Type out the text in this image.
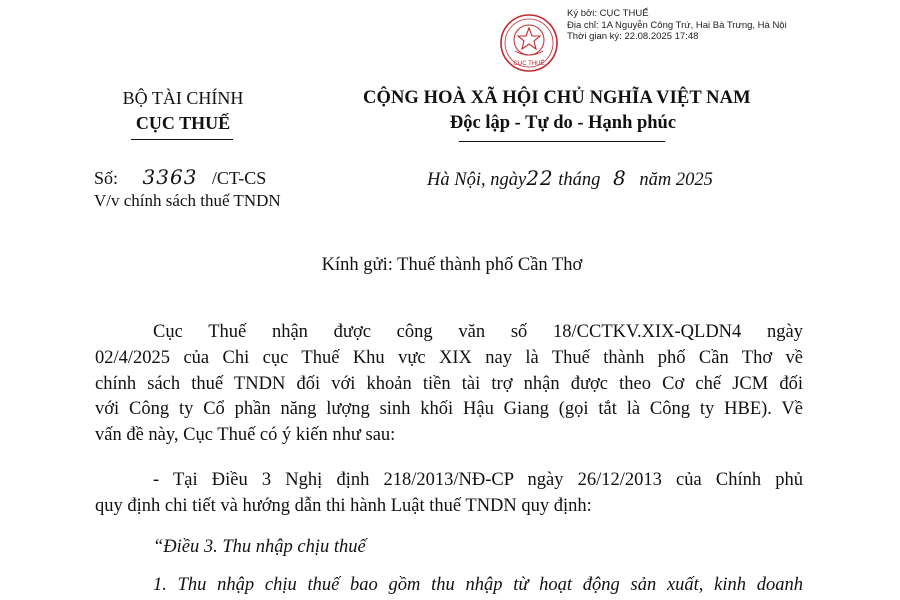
CỤC THUẾ
Ký bởi: CỤC THUẾ
Địa chỉ: 1A Nguyễn Công Trứ, Hai Bà Trưng, Hà Nội
Thời gian ký: 22.08.2025 17:48
BỘ TÀI CHÍNH
CỤC THUẾ
CỘNG HOÀ XÃ HỘI CHỦ NGHĨA VIỆT NAM
Độc lập - Tự do - Hạnh phúc
Số: 3363 /CT-CS
V/v chính sách thuế TNDN
Hà Nội, ngày22 tháng 8 năm 2025
Kính gửi: Thuế thành phố Cần Thơ
Cục Thuế nhận được công văn số 18/CCTKV.XIX-QLDN4 ngày
02/4/2025 của Chi cục Thuế Khu vực XIX nay là Thuế thành phố Cần Thơ về
chính sách thuế TNDN đối với khoản tiền tài trợ nhận được theo Cơ chế JCM đối
với Công ty Cổ phần năng lượng sinh khối Hậu Giang (gọi tắt là Công ty HBE). Về
vấn đề này, Cục Thuế có ý kiến như sau:
- Tại Điều 3 Nghị định 218/2013/NĐ-CP ngày 26/12/2013 của Chính phủ
quy định chi tiết và hướng dẫn thi hành Luật thuế TNDN quy định:
“Điều 3. Thu nhập chịu thuế
1. Thu nhập chịu thuế bao gồm thu nhập từ hoạt động sản xuất, kinh doanh
